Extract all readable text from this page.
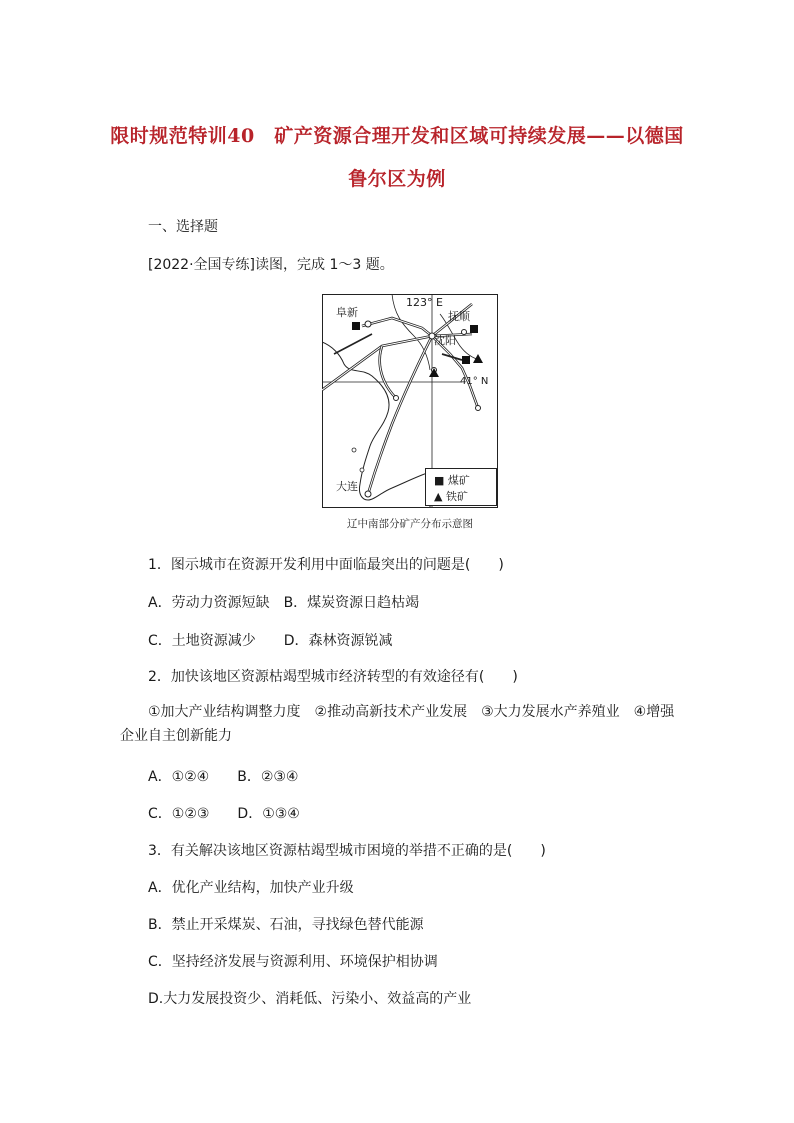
限时规范特训40　矿产资源合理开发和区域可持续发展——以德国
鲁尔区为例
一、选择题
[2022·全国专练]读图，完成 1～3 题。
阜新
123° E
抚顺
沈阳
41° N
大连	■ 煤矿
▲ 铁矿
辽中南部分矿产分布示意图
1．图示城市在资源开发利用中面临最突出的问题是(　　)
A．劳动力资源短缺　B．煤炭资源日趋枯竭
C．土地资源减少　　D．森林资源锐减
2．加快该地区资源枯竭型城市经济转型的有效途径有(　　)
①加大产业结构调整力度　②推动高新技术产业发展　③大力发展水产养殖业　④增强企业自主创新能力
A．①②④　　B．②③④
C．①②③　　D．①③④
3．有关解决该地区资源枯竭型城市困境的举措不正确的是(　　)
A．优化产业结构，加快产业升级
B．禁止开采煤炭、石油，寻找绿色替代能源
C．坚持经济发展与资源利用、环境保护相协调
D.大力发展投资少、消耗低、污染小、效益高的产业
